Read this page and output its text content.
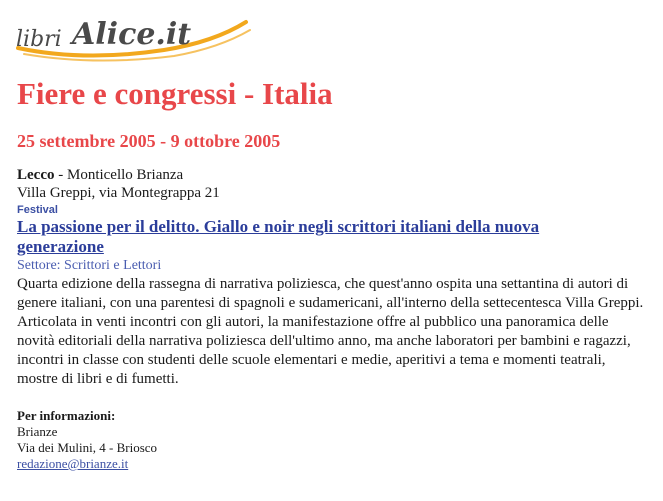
libri Alice.it
Fiere e congressi - Italia
25 settembre 2005 - 9 ottobre 2005
Lecco - Monticello Brianza
Villa Greppi, via Montegrappa 21
Festival
La passione per il delitto. Giallo e noir negli scrittori italiani della nuova generazione
Settore: Scrittori e Lettori

Quarta edizione della rassegna di narrativa poliziesca, che quest'anno ospita una settantina di autori di genere italiani, con una parentesi di spagnoli e sudamericani, all'interno della settecentesca Villa Greppi. Articolata in venti incontri con gli autori, la manifestazione offre al pubblico una panoramica delle novità editoriali della narrativa poliziesca dell'ultimo anno, ma anche laboratori per bambini e ragazzi, incontri in classe con studenti delle scuole elementari e medie, aperitivi a tema e momenti teatrali, mostre di libri e di fumetti.

Per informazioni:
Brianze
Via dei Mulini, 4 - Briosco
redazione@brianze.it
